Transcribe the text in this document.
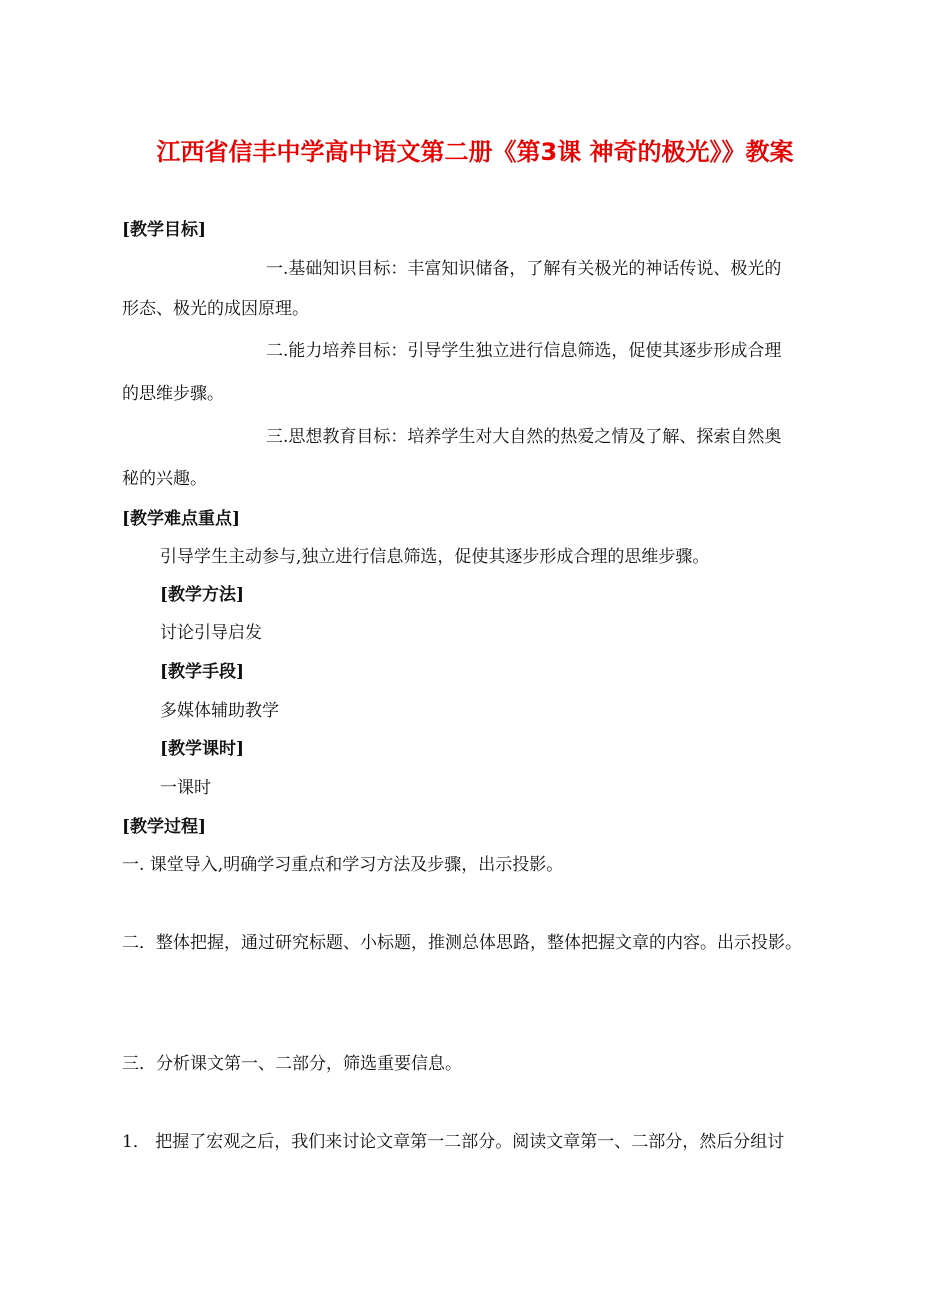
江西省信丰中学高中语文第二册《第3课 神奇的极光》》教案
[教学目标]
一.基础知识目标：丰富知识储备，了解有关极光的神话传说、极光的
形态、极光的成因原理。
二.能力培养目标：引导学生独立进行信息筛选，促使其逐步形成合理
的思维步骤。
三.思想教育目标：培养学生对大自然的热爱之情及了解、探索自然奥
秘的兴趣。
[教学难点重点]
引导学生主动参与,独立进行信息筛选，促使其逐步形成合理的思维步骤。
[教学方法]
讨论引导启发
[教学手段]
多媒体辅助教学
[教学课时]
一课时
[教学过程]
一. 课堂导入,明确学习重点和学习方法及步骤，出示投影。
二．整体把握，通过研究标题、小标题，推测总体思路，整体把握文章的内容。出示投影。
三．分析课文第一、二部分，筛选重要信息。
1． 把握了宏观之后，我们来讨论文章第一二部分。阅读文章第一、二部分，然后分组讨
